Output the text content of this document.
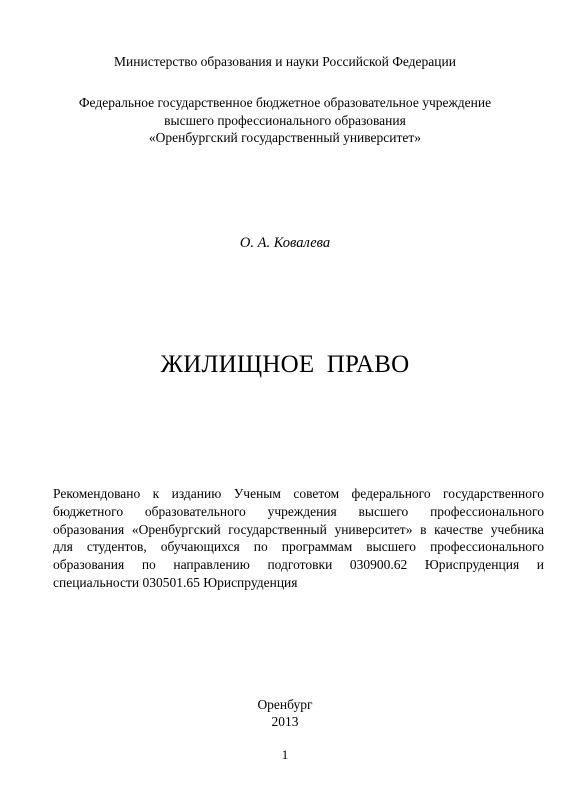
Министерство образования и науки Российской Федерации

Федеральное государственное бюджетное образовательное учреждение
высшего профессионального образования
«Оренбургский государственный университет»

О. А. Ковалева

ЖИЛИЩНОЕ ПРАВО

Рекомендовано к изданию Ученым советом федерального государственного
бюджетного образовательного учреждения высшего профессионального
образования «Оренбургский государственный университет» в качестве учебника
для студентов, обучающихся по программам высшего профессионального
образования по направлению подготовки 030900.62 Юриспруденция и
специальности 030501.65 Юриспруденция

Оренбург

2013

1
